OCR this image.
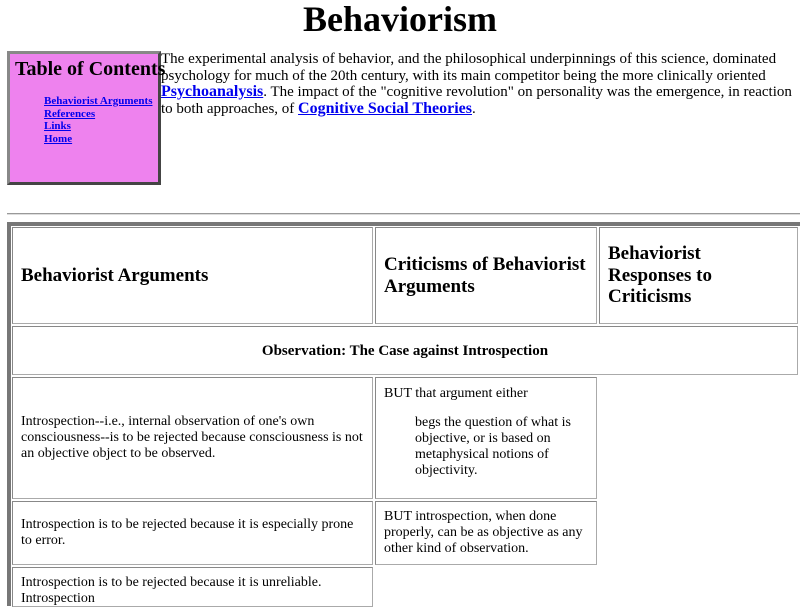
Behaviorism
Table of Contents
Behaviorist Arguments
References
Links
Home

The experimental analysis of behavior, and the philosophical underpinnings of this science, dominated psychology for much of the 20th century, with its main competitor being the more clinically oriented Psychoanalysis. The impact of the "cognitive revolution" on personality was the emergence, in reaction to both approaches, of Cognitive Social Theories.

Behaviorist Arguments
Criticisms of Behaviorist Arguments
Behaviorist Responses to Criticisms
Observation: The Case against Introspection
Introspection--i.e., internal observation of one's own consciousness--is to be rejected because consciousness is not an objective object to be observed.
BUT that argument either
begs the question of what is objective, or is based on metaphysical notions of objectivity.
Introspection is to be rejected because it is especially prone to error.
BUT introspection, when done properly, can be as objective as any other kind of observation.
Introspection is to be rejected because it is unreliable. Introspection
